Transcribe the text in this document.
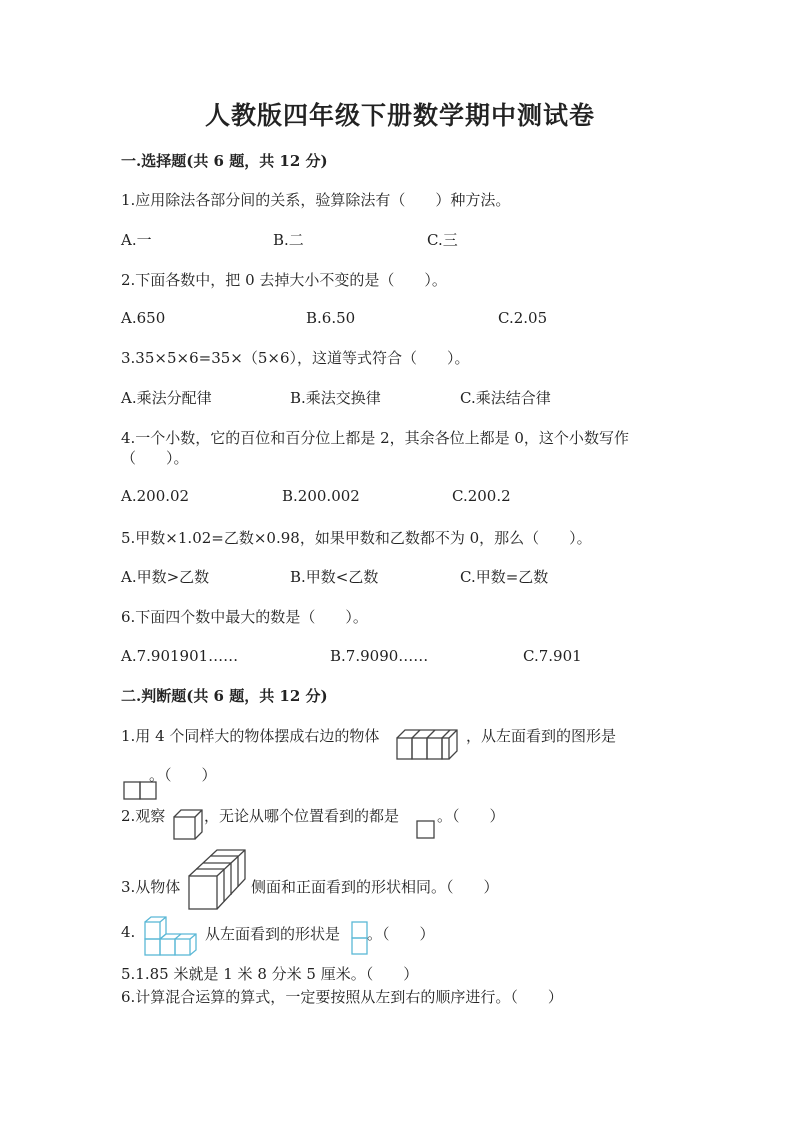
人教版四年级下册数学期中测试卷
一.选择题(共 6 题，共 12 分)
1.应用除法各部分间的关系，验算除法有（　　）种方法。
A.一	B.二	C.三
2.下面各数中，把 0 去掉大小不变的是（　　）。
A.650	B.6.50	C.2.05
3.35×5×6=35×（5×6），这道等式符合（　　）。
A.乘法分配律	B.乘法交换律	C.乘法结合律
4.一个小数，它的百位和百分位上都是 2，其余各位上都是 0，这个小数写作
（　　）。
A.200.02	B.200.002	C.200.2
5.甲数×1.02=乙数×0.98，如果甲数和乙数都不为 0，那么（　　）。
A.甲数>乙数	B.甲数<乙数	C.甲数=乙数
6.下面四个数中最大的数是（　　）。
A.7.901901……	B.7.9090……	C.7.901
二.判断题(共 6 题，共 12 分)
1.用 4 个同样大的物体摆成右边的物体	，从左面看到的图形是
。（　　）
2.观察	，无论从哪个位置看到的都是	。（　　）
3.从物体	侧面和正面看到的形状相同。（　　）
4.	从左面看到的形状是 。（　　）
5.1.85 米就是 1 米 8 分米 5 厘米。（　　）
6.计算混合运算的算式，一定要按照从左到右的顺序进行。（　　）
